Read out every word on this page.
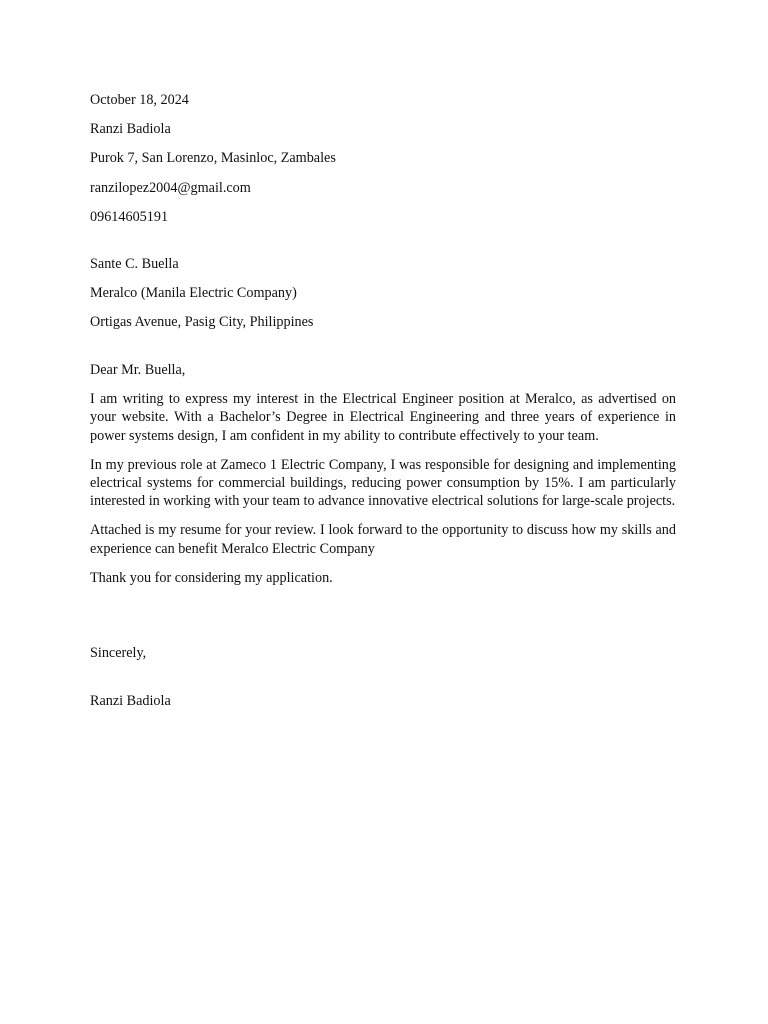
October 18, 2024
Ranzi Badiola
Purok 7, San Lorenzo, Masinloc, Zambales
ranzilopez2004@gmail.com
09614605191
Sante C. Buella
Meralco (Manila Electric Company)
Ortigas Avenue, Pasig City, Philippines
Dear Mr. Buella,

I am writing to express my interest in the Electrical Engineer position at Meralco, as advertised on your website. With a Bachelor’s Degree in Electrical Engineering and three years of experience in power systems design, I am confident in my ability to contribute effectively to your team.

In my previous role at Zameco 1 Electric Company, I was responsible for designing and implementing electrical systems for commercial buildings, reducing power consumption by 15%. I am particularly interested in working with your team to advance innovative electrical solutions for large-scale projects.

Attached is my resume for your review. I look forward to the opportunity to discuss how my skills and experience can benefit Meralco Electric Company

Thank you for considering my application.

Sincerely,
Ranzi Badiola
